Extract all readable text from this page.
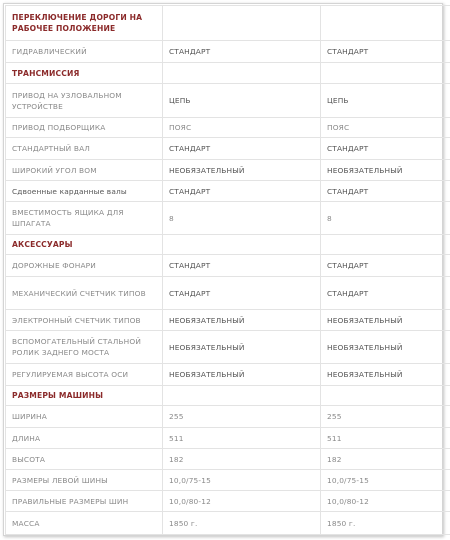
ПЕРЕКЛЮЧЕНИЕ ДОРОГИ НА РАБОЧЕЕ ПОЛОЖЕНИЕ		

ГИДРАВЛИЧЕСКИЙ	СТАНДАРТ	СТАНДАРТ

ТРАНСМИССИЯ		

ПРИВОД НА УЗЛОВАЛЬНОМ УСТРОЙСТВЕ	ЦЕПЬ	ЦЕПЬ

ПРИВОД ПОДБОРЩИКА	ПОЯС	ПОЯС

СТАНДАРТНЫЙ ВАЛ	СТАНДАРТ	СТАНДАРТ

ШИРОКИЙ УГОЛ ВОМ	НЕОБЯЗАТЕЛЬНЫЙ	НЕОБЯЗАТЕЛЬНЫЙ

Сдвоенные карданные валы	СТАНДАРТ	СТАНДАРТ

ВМЕСТИМОСТЬ ЯЩИКА ДЛЯ ШПАГАТА	8	8

АКСЕССУАРЫ		

ДОРОЖНЫЕ ФОНАРИ	СТАНДАРТ	СТАНДАРТ

МЕХАНИЧЕСКИЙ СЧЕТЧИК ТИПОВ	СТАНДАРТ	СТАНДАРТ

ЭЛЕКТРОННЫЙ СЧЕТЧИК ТИПОВ	НЕОБЯЗАТЕЛЬНЫЙ	НЕОБЯЗАТЕЛЬНЫЙ

ВСПОМОГАТЕЛЬНЫЙ СТАЛЬНОЙ РОЛИК ЗАДНЕГО МОСТА	НЕОБЯЗАТЕЛЬНЫЙ	НЕОБЯЗАТЕЛЬНЫЙ

РЕГУЛИРУЕМАЯ ВЫСОТА ОСИ	НЕОБЯЗАТЕЛЬНЫЙ	НЕОБЯЗАТЕЛЬНЫЙ

РАЗМЕРЫ МАШИНЫ		

ШИРИНА	255	255

ДЛИНА	511	511

ВЫСОТА	182	182

РАЗМЕРЫ ЛЕВОЙ ШИНЫ	10,0/75-15	10,0/75-15

ПРАВИЛЬНЫЕ РАЗМЕРЫ ШИН	10,0/80-12	10,0/80-12

МАССА	1850 г.	1850 г.
